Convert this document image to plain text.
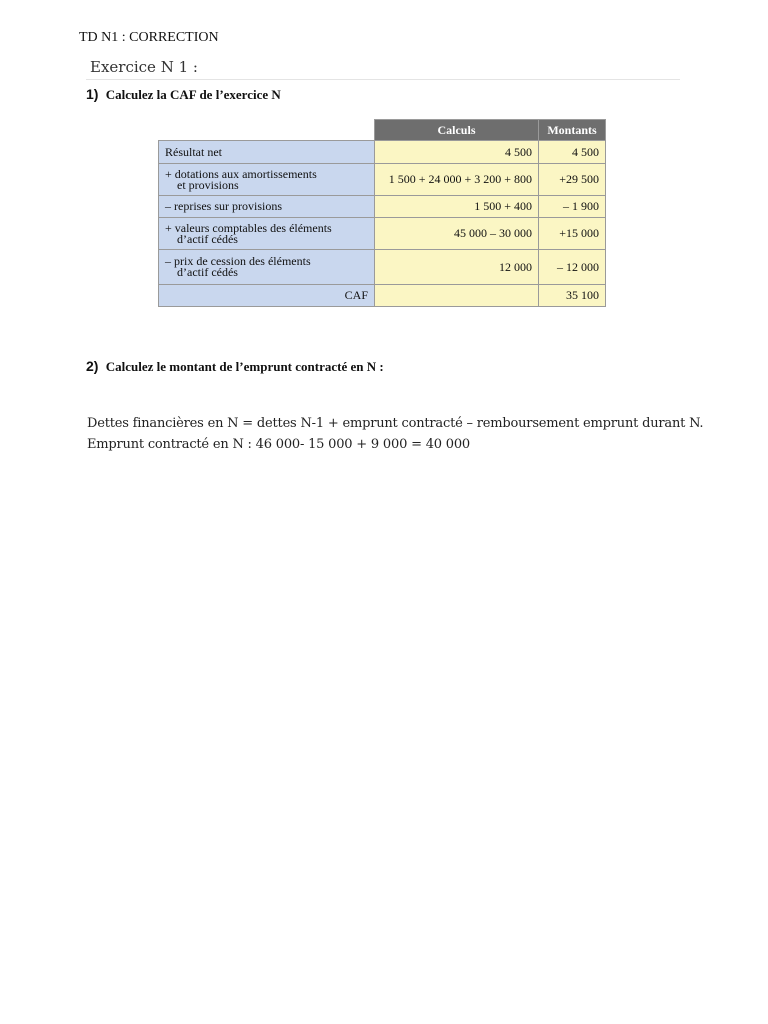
TD N1 : CORRECTION
Exercice N 1 :
1) Calculez la CAF de l’exercice N
	Calculs	Montants
Résultat net	4 500	4 500
+ dotations aux amortissements
et provisions	1 500 + 24 000 + 3 200 + 800	+29 500
– reprises sur provisions	1 500 + 400	– 1 900
+ valeurs comptables des éléments
d’actif cédés	45 000 – 30 000	+15 000
– prix de cession des éléments
d’actif cédés	12 000	– 12 000
CAF		35 100
2) Calculez le montant de l’emprunt contracté en N :
Dettes financières en N = dettes N-1 + emprunt contracté – remboursement emprunt durant N.
Emprunt contracté en N : 46 000- 15 000 + 9 000 = 40 000
